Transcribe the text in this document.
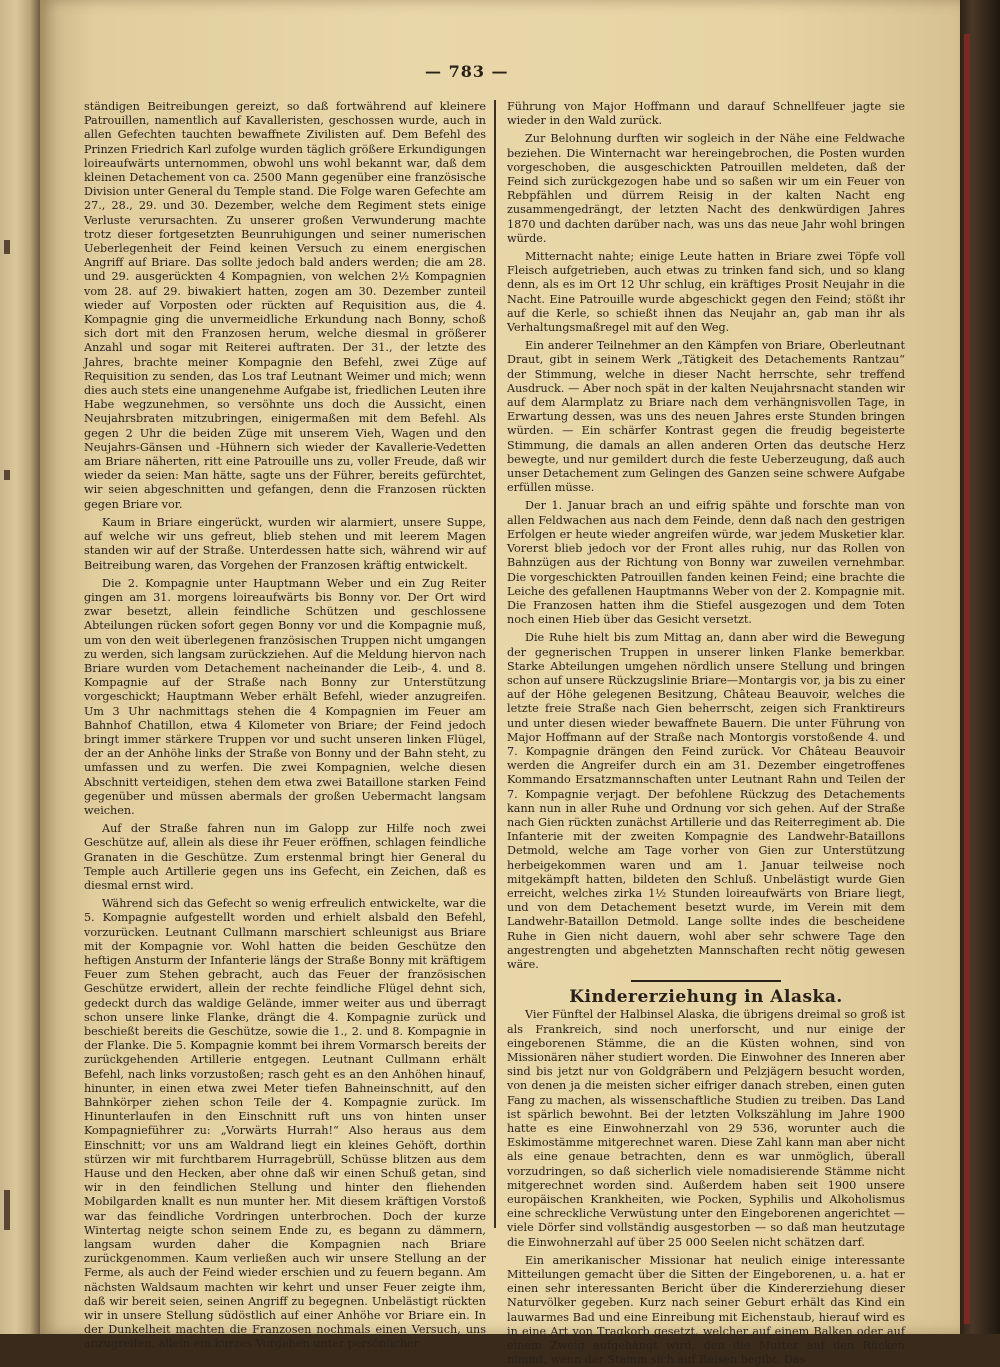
— 783 —

ständigen Beitreibungen gereizt, so daß fortwährend auf kleinere Patrouillen, namentlich auf Kavalleristen, geschossen wurde, auch in allen Gefechten tauchten bewaffnete Zivilisten auf. Dem Befehl des Prinzen Friedrich Karl zufolge wurden täglich größere Erkundigungen loireaufwärts unternommen, obwohl uns wohl bekannt war, daß dem kleinen Detachement von ca. 2500 Mann gegenüber eine französische Division unter General du Temple stand. Die Folge waren Gefechte am 27., 28., 29. und 30. Dezember, welche dem Regiment stets einige Verluste verursachten. Zu unserer großen Verwunderung machte trotz dieser fortgesetzten Beunruhigungen und seiner numerischen Ueberlegenheit der Feind keinen Versuch zu einem energischen Angriff auf Briare. Das sollte jedoch bald anders werden; die am 28. und 29. ausgerückten 4 Kompagnien, von welchen 2½ Kompagnien vom 28. auf 29. biwakiert hatten, zogen am 30. Dezember zunteil wieder auf Vorposten oder rückten auf Requisition aus, die 4. Kompagnie ging die unvermeidliche Erkundung nach Bonny, schoß sich dort mit den Franzosen herum, welche diesmal in größerer Anzahl und sogar mit Reiterei auftraten. Der 31., der letzte des Jahres, brachte meiner Kompagnie den Befehl, zwei Züge auf Requisition zu senden, das Los traf Leutnant Weimer und mich; wenn dies auch stets eine unangenehme Aufgabe ist, friedlichen Leuten ihre Habe wegzunehmen, so versöhnte uns doch die Aussicht, einen Neujahrsbraten mitzubringen, einigermaßen mit dem Befehl. Als gegen 2 Uhr die beiden Züge mit unserem Vieh, Wagen und den Neujahrs-Gänsen und -Hühnern sich wieder der Kavallerie-Vedetten am Briare näherten, ritt eine Patrouille uns zu, voller Freude, daß wir wieder da seien: Man hätte, sagte uns der Führer, bereits gefürchtet, wir seien abgeschnitten und gefangen, denn die Franzosen rückten gegen Briare vor.

Kaum in Briare eingerückt, wurden wir alarmiert, unsere Suppe, auf welche wir uns gefreut, blieb stehen und mit leerem Magen standen wir auf der Straße. Unterdessen hatte sich, während wir auf Beitreibung waren, das Vorgehen der Franzosen kräftig entwickelt.

Die 2. Kompagnie unter Hauptmann Weber und ein Zug Reiter gingen am 31. morgens loireaufwärts bis Bonny vor. Der Ort wird zwar besetzt, allein feindliche Schützen und geschlossene Abteilungen rücken sofort gegen Bonny vor und die Kompagnie muß, um von den weit überlegenen französischen Truppen nicht umgangen zu werden, sich langsam zurückziehen. Auf die Meldung hiervon nach Briare wurden vom Detachement nacheinander die Leib-, 4. und 8. Kompagnie auf der Straße nach Bonny zur Unterstützung vorgeschickt; Hauptmann Weber erhält Befehl, wieder anzugreifen. Um 3 Uhr nachmittags stehen die 4 Kompagnien im Feuer am Bahnhof Chatillon, etwa 4 Kilometer von Briare; der Feind jedoch bringt immer stärkere Truppen vor und sucht unseren linken Flügel, der an der Anhöhe links der Straße von Bonny und der Bahn steht, zu umfassen und zu werfen. Die zwei Kompagnien, welche diesen Abschnitt verteidigen, stehen dem etwa zwei Bataillone starken Feind gegenüber und müssen abermals der großen Uebermacht langsam weichen.

Auf der Straße fahren nun im Galopp zur Hilfe noch zwei Geschütze auf, allein als diese ihr Feuer eröffnen, schlagen feindliche Granaten in die Geschütze. Zum erstenmal bringt hier General du Temple auch Artillerie gegen uns ins Gefecht, ein Zeichen, daß es diesmal ernst wird.

Während sich das Gefecht so wenig erfreulich entwickelte, war die 5. Kompagnie aufgestellt worden und erhielt alsbald den Befehl, vorzurücken. Leutnant Cullmann marschiert schleunigst aus Briare mit der Kompagnie vor. Wohl hatten die beiden Geschütze den heftigen Ansturm der Infanterie längs der Straße Bonny mit kräftigem Feuer zum Stehen gebracht, auch das Feuer der französischen Geschütze erwidert, allein der rechte feindliche Flügel dehnt sich, gedeckt durch das waldige Gelände, immer weiter aus und überragt schon unsere linke Flanke, drängt die 4. Kompagnie zurück und beschießt bereits die Geschütze, sowie die 1., 2. und 8. Kompagnie in der Flanke. Die 5. Kompagnie kommt bei ihrem Vormarsch bereits der zurückgehenden Artillerie entgegen. Leutnant Cullmann erhält Befehl, nach links vorzustoßen; rasch geht es an den Anhöhen hinauf, hinunter, in einen etwa zwei Meter tiefen Bahneinschnitt, auf den Bahnkörper ziehen schon Teile der 4. Kompagnie zurück. Im Hinunterlaufen in den Einschnitt ruft uns von hinten unser Kompagnieführer zu: „Vorwärts Hurrah!“ Also heraus aus dem Einschnitt; vor uns am Waldrand liegt ein kleines Gehöft, dorthin stürzen wir mit furchtbarem Hurragebrüll, Schüsse blitzen aus dem Hause und den Hecken, aber ohne daß wir einen Schuß getan, sind wir in den feindlichen Stellung und hinter den fliehenden Mobilgarden knallt es nun munter her. Mit diesem kräftigen Vorstoß war das feindliche Vordringen unterbrochen. Doch der kurze Wintertag neigte schon seinem Ende zu, es begann zu dämmern, langsam wurden daher die Kompagnien nach Briare zurückgenommen. Kaum verließen auch wir unsere Stellung an der Ferme, als auch der Feind wieder erschien und zu feuern begann. Am nächsten Waldsaum machten wir kehrt und unser Feuer zeigte ihm, daß wir bereit seien, seinen Angriff zu begegnen. Unbelästigt rückten wir in unsere Stellung südöstlich auf einer Anhöhe vor Briare ein. In der Dunkelheit machten die Franzosen nochmals einen Versuch, uns anzugreifen, allein ein kurzes Vorgehen unter persönlicher

Führung von Major Hoffmann und darauf Schnellfeuer jagte sie wieder in den Wald zurück.

Zur Belohnung durften wir sogleich in der Nähe eine Feldwache beziehen. Die Winternacht war hereingebrochen, die Posten wurden vorgeschoben, die ausgeschickten Patrouillen meldeten, daß der Feind sich zurückgezogen habe und so saßen wir um ein Feuer von Rebpfählen und dürrem Reisig in der kalten Nacht eng zusammengedrängt, der letzten Nacht des denkwürdigen Jahres 1870 und dachten darüber nach, was uns das neue Jahr wohl bringen würde.

Mitternacht nahte; einige Leute hatten in Briare zwei Töpfe voll Fleisch aufgetrieben, auch etwas zu trinken fand sich, und so klang denn, als es im Ort 12 Uhr schlug, ein kräftiges Prosit Neujahr in die Nacht. Eine Patrouille wurde abgeschickt gegen den Feind; stößt ihr auf die Kerle, so schießt ihnen das Neujahr an, gab man ihr als Verhaltungsmaßregel mit auf den Weg.

Ein anderer Teilnehmer an den Kämpfen von Briare, Oberleutnant Draut, gibt in seinem Werk „Tätigkeit des Detachements Rantzau“ der Stimmung, welche in dieser Nacht herrschte, sehr treffend Ausdruck. — Aber noch spät in der kalten Neujahrsnacht standen wir auf dem Alarmplatz zu Briare nach dem verhängnisvollen Tage, in Erwartung dessen, was uns des neuen Jahres erste Stunden bringen würden. — Ein schärfer Kontrast gegen die freudig begeisterte Stimmung, die damals an allen anderen Orten das deutsche Herz bewegte, und nur gemildert durch die feste Ueberzeugung, daß auch unser Detachement zum Gelingen des Ganzen seine schwere Aufgabe erfüllen müsse.

Der 1. Januar brach an und eifrig spähte und forschte man von allen Feldwachen aus nach dem Feinde, denn daß nach den gestrigen Erfolgen er heute wieder angreifen würde, war jedem Musketier klar. Vorerst blieb jedoch vor der Front alles ruhig, nur das Rollen von Bahnzügen aus der Richtung von Bonny war zuweilen vernehmbar. Die vorgeschickten Patrouillen fanden keinen Feind; eine brachte die Leiche des gefallenen Hauptmanns Weber von der 2. Kompagnie mit. Die Franzosen hatten ihm die Stiefel ausgezogen und dem Toten noch einen Hieb über das Gesicht versetzt.

Die Ruhe hielt bis zum Mittag an, dann aber wird die Bewegung der gegnerischen Truppen in unserer linken Flanke bemerkbar. Starke Abteilungen umgehen nördlich unsere Stellung und bringen schon auf unsere Rückzugslinie Briare—Montargis vor, ja bis zu einer auf der Höhe gelegenen Besitzung, Château Beauvoir, welches die letzte freie Straße nach Gien beherrscht, zeigen sich Franktireurs und unter diesen wieder bewaffnete Bauern. Die unter Führung von Major Hoffmann auf der Straße nach Montorgis vorstoßende 4. und 7. Kompagnie drängen den Feind zurück. Vor Château Beauvoir werden die Angreifer durch ein am 31. Dezember eingetroffenes Kommando Ersatzmannschaften unter Leutnant Rahn und Teilen der 7. Kompagnie verjagt. Der befohlene Rückzug des Detachements kann nun in aller Ruhe und Ordnung vor sich gehen. Auf der Straße nach Gien rückten zunächst Artillerie und das Reiterregiment ab. Die Infanterie mit der zweiten Kompagnie des Landwehr-Bataillons Detmold, welche am Tage vorher von Gien zur Unterstützung herbeigekommen waren und am 1. Januar teilweise noch mitgekämpft hatten, bildeten den Schluß. Unbelästigt wurde Gien erreicht, welches zirka 1½ Stunden loireaufwärts von Briare liegt, und von dem Detachement besetzt wurde, im Verein mit dem Landwehr-Bataillon Detmold. Lange sollte indes die bescheidene Ruhe in Gien nicht dauern, wohl aber sehr schwere Tage den angestrengten und abgehetzten Mannschaften recht nötig gewesen wäre.

Kindererziehung in Alaska.

Vier Fünftel der Halbinsel Alaska, die übrigens dreimal so groß ist als Frankreich, sind noch unerforscht, und nur einige der eingeborenen Stämme, die an die Küsten wohnen, sind von Missionären näher studiert worden. Die Einwohner des Inneren aber sind bis jetzt nur von Goldgräbern und Pelzjägern besucht worden, von denen ja die meisten sicher eifriger danach streben, einen guten Fang zu machen, als wissenschaftliche Studien zu treiben. Das Land ist spärlich bewohnt. Bei der letzten Volkszählung im Jahre 1900 hatte es eine Einwohnerzahl von 29 536, worunter auch die Eskimostämme mitgerechnet waren. Diese Zahl kann man aber nicht als eine genaue betrachten, denn es war unmöglich, überall vorzudringen, so daß sicherlich viele nomadisierende Stämme nicht mitgerechnet worden sind. Außerdem haben seit 1900 unsere europäischen Krankheiten, wie Pocken, Syphilis und Alkoholismus eine schreckliche Verwüstung unter den Eingeborenen angerichtet — viele Dörfer sind vollständig ausgestorben — so daß man heutzutage die Einwohnerzahl auf über 25 000 Seelen nicht schätzen darf.

Ein amerikanischer Missionar hat neulich einige interessante Mitteilungen gemacht über die Sitten der Eingeborenen, u. a. hat er einen sehr interessanten Bericht über die Kindererziehung dieser Naturvölker gegeben. Kurz nach seiner Geburt erhält das Kind ein lauwarmes Bad und eine Einreibung mit Eichenstaub, hierauf wird es in eine Art von Tragkorb gesetzt, welcher auf einem Balken oder auf einem Zweig aufgehängt wird, den die Mutter auf den Rücken nimmt, wenn der Stamm sich auf Reisen begibt. Das
